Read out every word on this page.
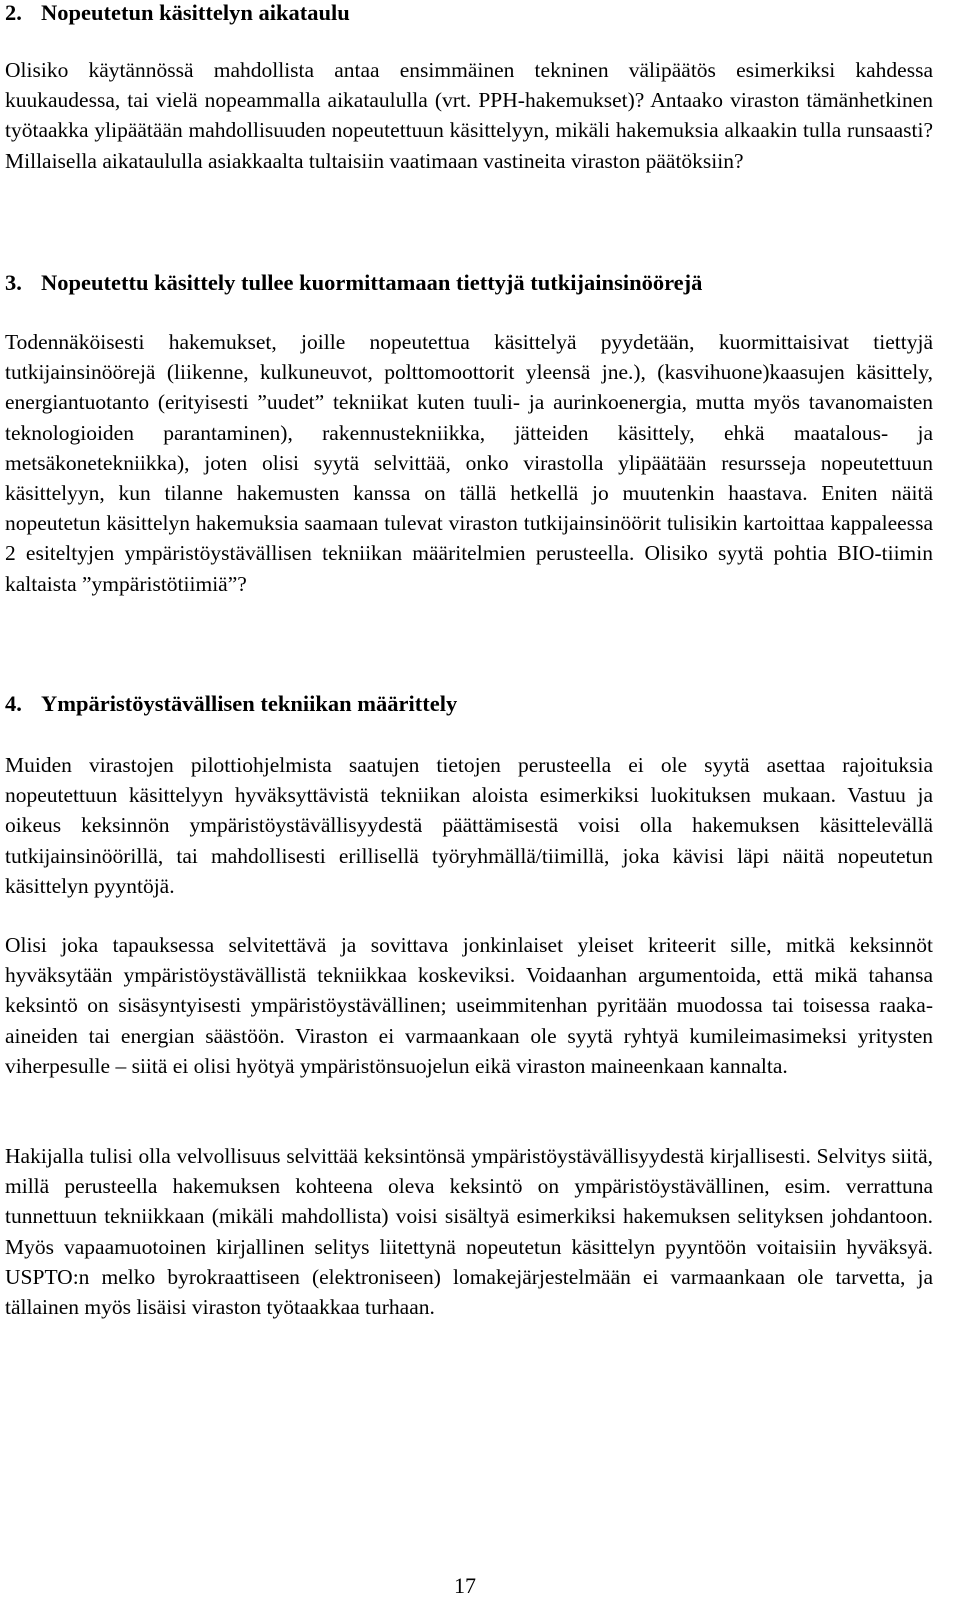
2. Nopeutetun käsittelyn aikataulu

Olisiko käytännössä mahdollista antaa ensimmäinen tekninen välipäätös esimerkiksi kahdessa kuukaudessa, tai vielä nopeammalla aikataululla (vrt. PPH-hakemukset)? Antaako viraston tämänhetkinen työtaakka ylipäätään mahdollisuuden nopeutettuun käsittelyyn, mikäli hakemuksia alkaakin tulla runsaasti? Millaisella aikataululla asiakkaalta tultaisiin vaatimaan vastineita viraston päätöksiin?

3. Nopeutettu käsittely tullee kuormittamaan tiettyjä tutkijainsinöörejä

Todennäköisesti hakemukset, joille nopeutettua käsittelyä pyydetään, kuormittaisivat tiettyjä tutkijainsinöörejä (liikenne, kulkuneuvot, polttomoottorit yleensä jne.), (kasvihuone)kaasujen käsittely, energiantuotanto (erityisesti ”uudet” tekniikat kuten tuuli- ja aurinkoenergia, mutta myös tavanomaisten teknologioiden parantaminen), rakennustekniikka, jätteiden käsittely, ehkä maatalous- ja metsäkonetekniikka), joten olisi syytä selvittää, onko virastolla ylipäätään resursseja nopeutettuun käsittelyyn, kun tilanne hakemusten kanssa on tällä hetkellä jo muutenkin haastava. Eniten näitä nopeutetun käsittelyn hakemuksia saamaan tulevat viraston tutkijainsinöörit tulisikin kartoittaa kappaleessa 2 esiteltyjen ympäristöystävällisen tekniikan määritelmien perusteella. Olisiko syytä pohtia BIO-tiimin kaltaista ”ympäristötiimiä”?

4. Ympäristöystävällisen tekniikan määrittely

Muiden virastojen pilottiohjelmista saatujen tietojen perusteella ei ole syytä asettaa rajoituksia nopeutettuun käsittelyyn hyväksyttävistä tekniikan aloista esimerkiksi luokituksen mukaan. Vastuu ja oikeus keksinnön ympäristöystävällisyydestä päättämisestä voisi olla hakemuksen käsittelevällä tutkijainsinöörillä, tai mahdollisesti erillisellä työryhmällä/tiimillä, joka kävisi läpi näitä nopeutetun käsittelyn pyyntöjä.

Olisi joka tapauksessa selvitettävä ja sovittava jonkinlaiset yleiset kriteerit sille, mitkä keksinnöt hyväksytään ympäristöystävällistä tekniikkaa koskeviksi. Voidaanhan argumentoida, että mikä tahansa keksintö on sisäsyntyisesti ympäristöystävällinen; useimmitenhan pyritään muodossa tai toisessa raaka-aineiden tai energian säästöön. Viraston ei varmaankaan ole syytä ryhtyä kumileimasimeksi yritysten viherpesulle – siitä ei olisi hyötyä ympäristönsuojelun eikä viraston maineenkaan kannalta.

Hakijalla tulisi olla velvollisuus selvittää keksintönsä ympäristöystävällisyydestä kirjallisesti. Selvitys siitä, millä perusteella hakemuksen kohteena oleva keksintö on ympäristöystävällinen, esim. verrattuna tunnettuun tekniikkaan (mikäli mahdollista) voisi sisältyä esimerkiksi hakemuksen selityksen johdantoon. Myös vapaamuotoinen kirjallinen selitys liitettynä nopeutetun käsittelyn pyyntöön voitaisiin hyväksyä. USPTO:n melko byrokraattiseen (elektroniseen) lomakejärjestelmään ei varmaankaan ole tarvetta, ja tällainen myös lisäisi viraston työtaakkaa turhaan.

17
